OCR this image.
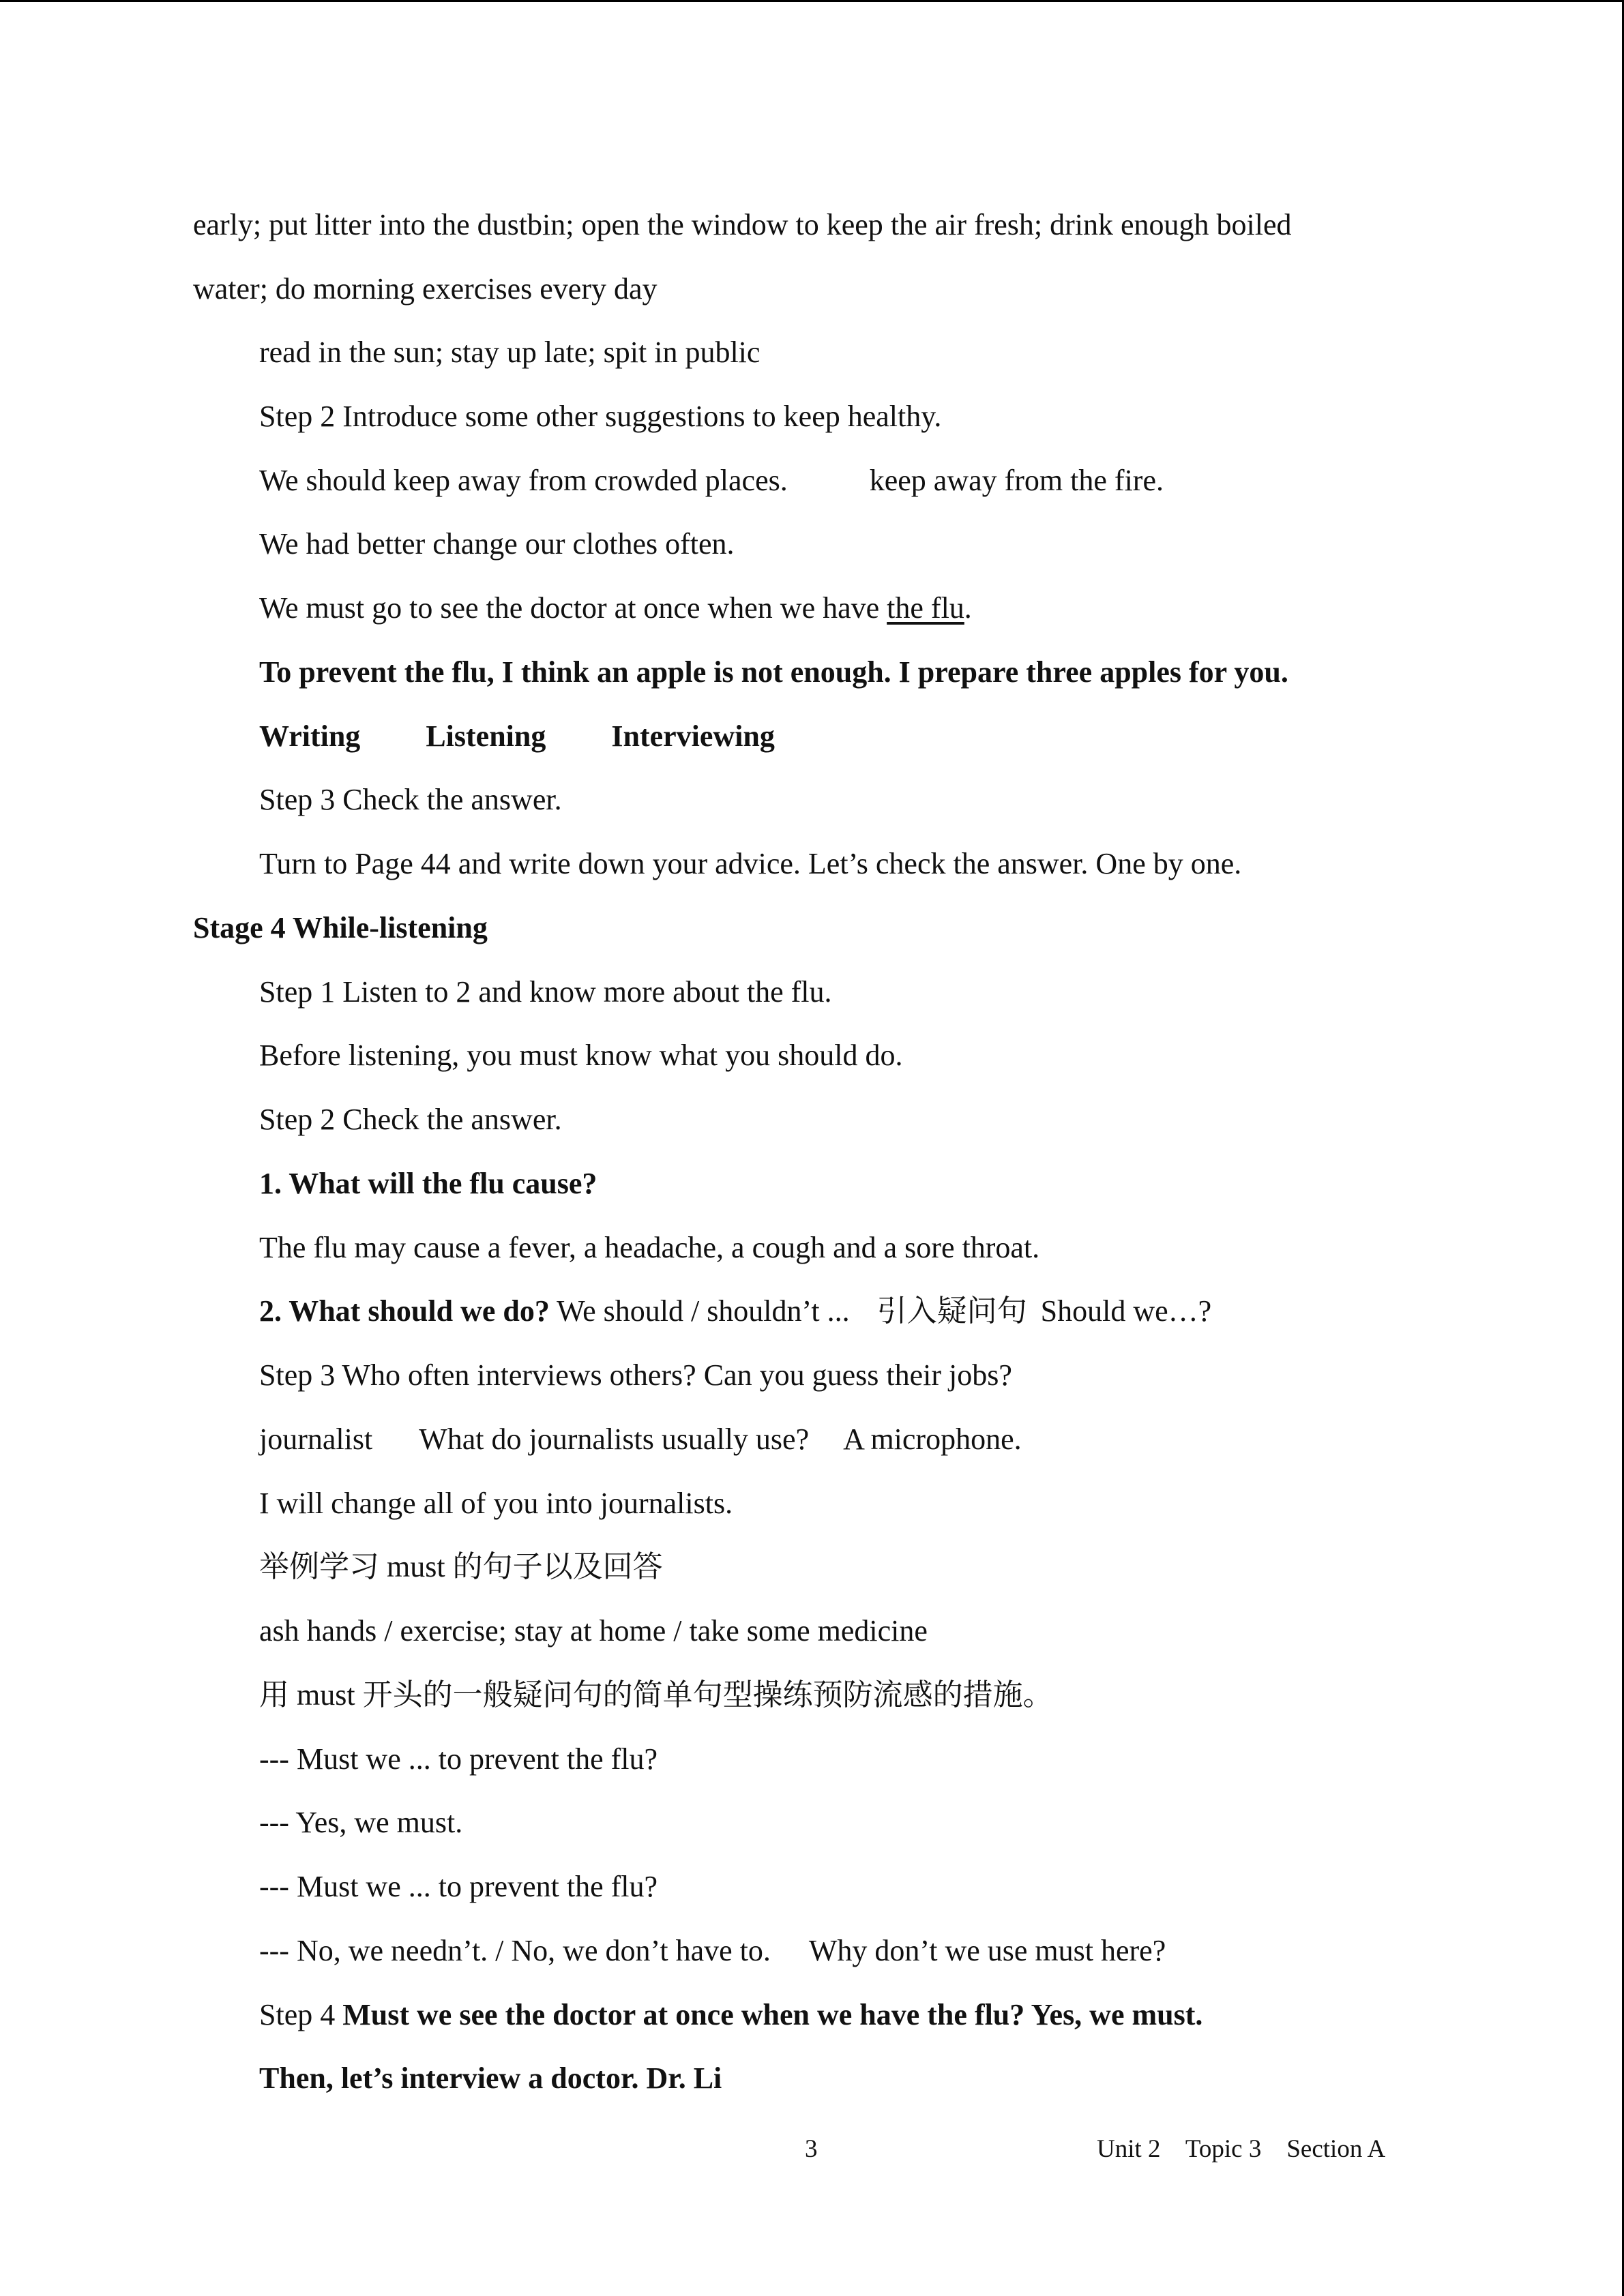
early; put litter into the dustbin; open the window to keep the air fresh; drink enough boiled
water; do morning exercises every day
read in the sun; stay up late; spit in public
Step 2 Introduce some other suggestions to keep healthy.
We should keep away from crowded places.	keep away from the fire.
We had better change our clothes often.
We must go to see the doctor at once when we have the flu.
To prevent the flu, I think an apple is not enough. I prepare three apples for you.
Writing Listening Interviewing
Step 3 Check the answer.
Turn to Page 44 and write down your advice. Let’s check the answer. One by one.
Stage 4 While-listening
Step 1 Listen to 2 and know more about the flu.
Before listening, you must know what you should do.
Step 2 Check the answer.
1. What will the flu cause?
The flu may cause a fever, a headache, a cough and a sore throat.
2. What should we do? We should / shouldn’t ... 引入疑问句 Should we…?
Step 3 Who often interviews others? Can you guess their jobs?
journalist What do journalists usually use? A microphone.
I will change all of you into journalists.
举例学习 must 的句子以及回答
ash hands / exercise; stay at home / take some medicine
用 must 开头的一般疑问句的简单句型操练预防流感的措施。
--- Must we ... to prevent the flu?
--- Yes, we must.
--- Must we ... to prevent the flu?
--- No, we needn’t. / No, we don’t have to. Why don’t we use must here?
Step 4 Must we see the doctor at once when we have the flu? Yes, we must.
Then, let’s interview a doctor. Dr. Li
3	Unit 2    Topic 3    Section A
